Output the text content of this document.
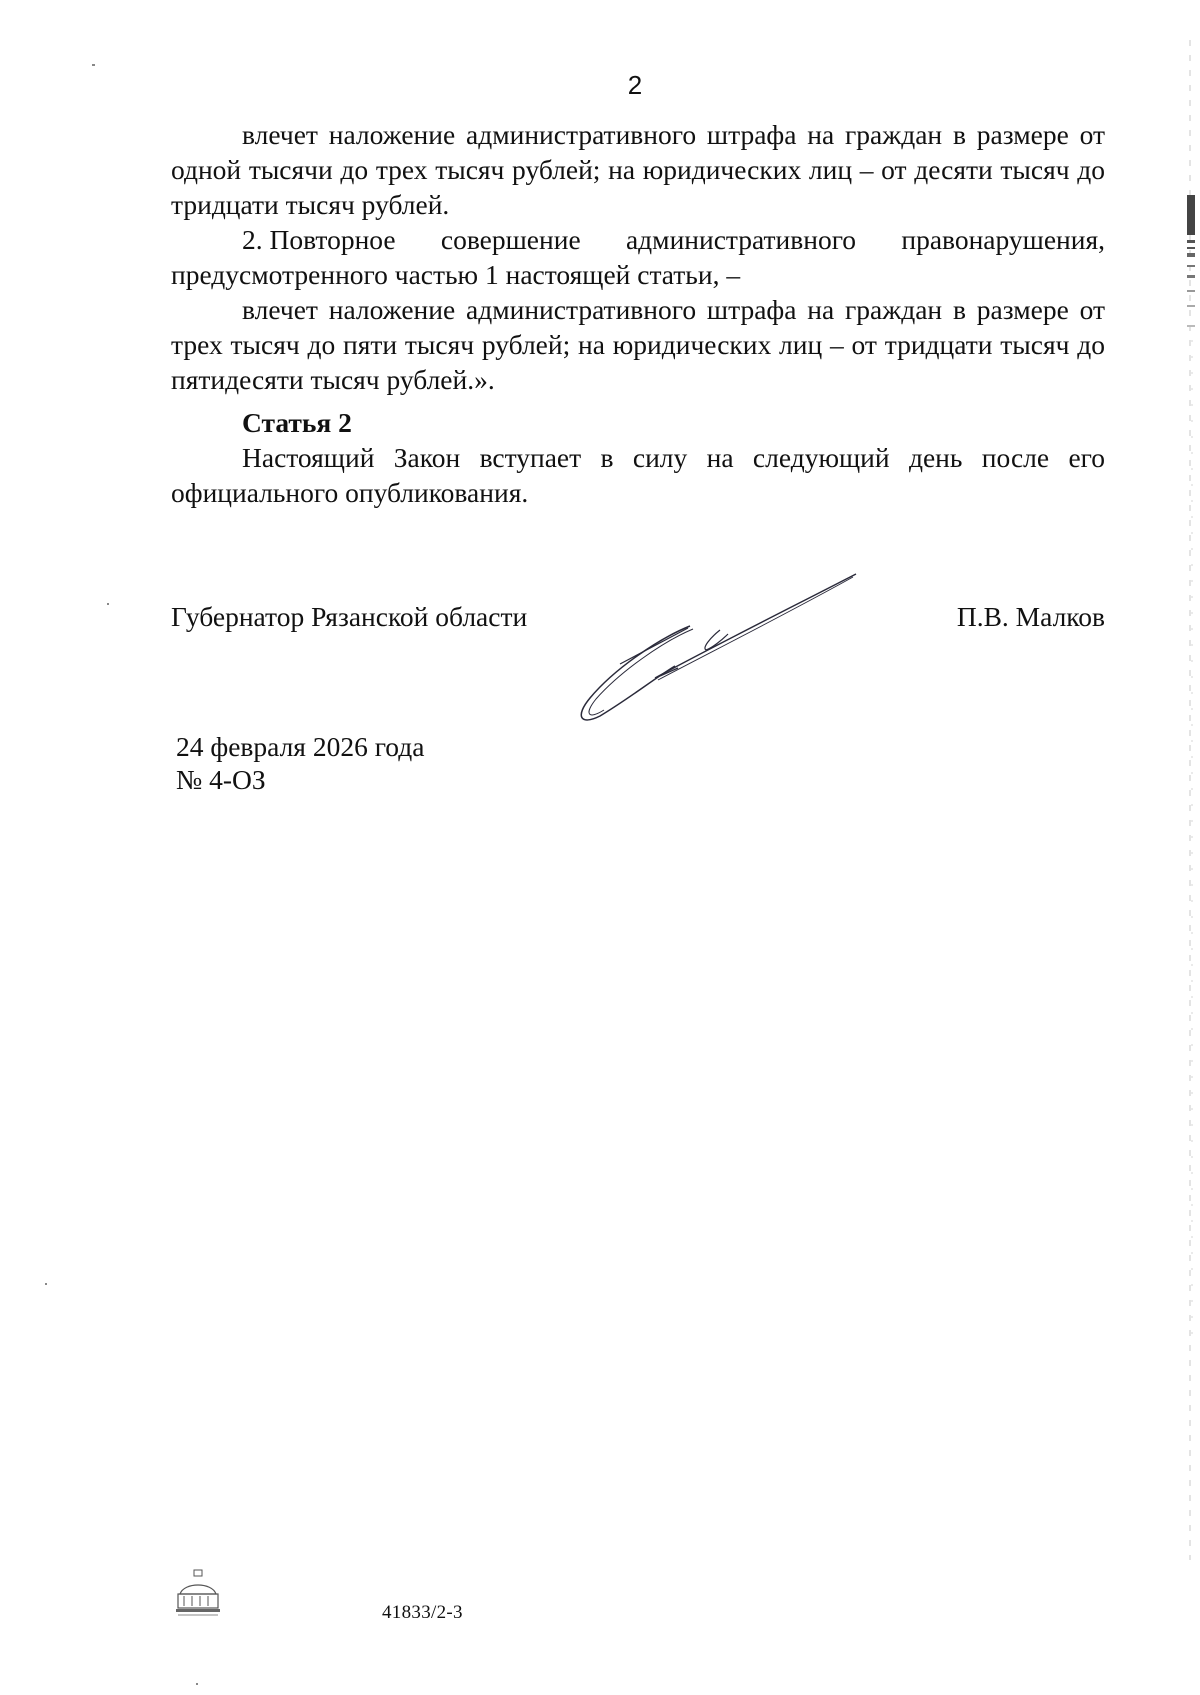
2

влечет наложение административного штрафа на граждан в размере от одной тысячи до трех тысяч рублей; на юридических лиц – от десяти тысяч до тридцати тысяч рублей.

2. Повторное совершение административного правонарушения,

предусмотренного частью 1 настоящей статьи, –

влечет наложение административного штрафа на граждан в размере от трех тысяч до пяти тысяч рублей; на юридических лиц – от тридцати тысяч до пятидесяти тысяч рублей.».

Статья 2

Настоящий Закон вступает в силу на следующий день после его официального опубликования.

Губернатор Рязанской области	П.В. Малков
24 февраля 2026 года
№ 4-ОЗ
41833/2-3
